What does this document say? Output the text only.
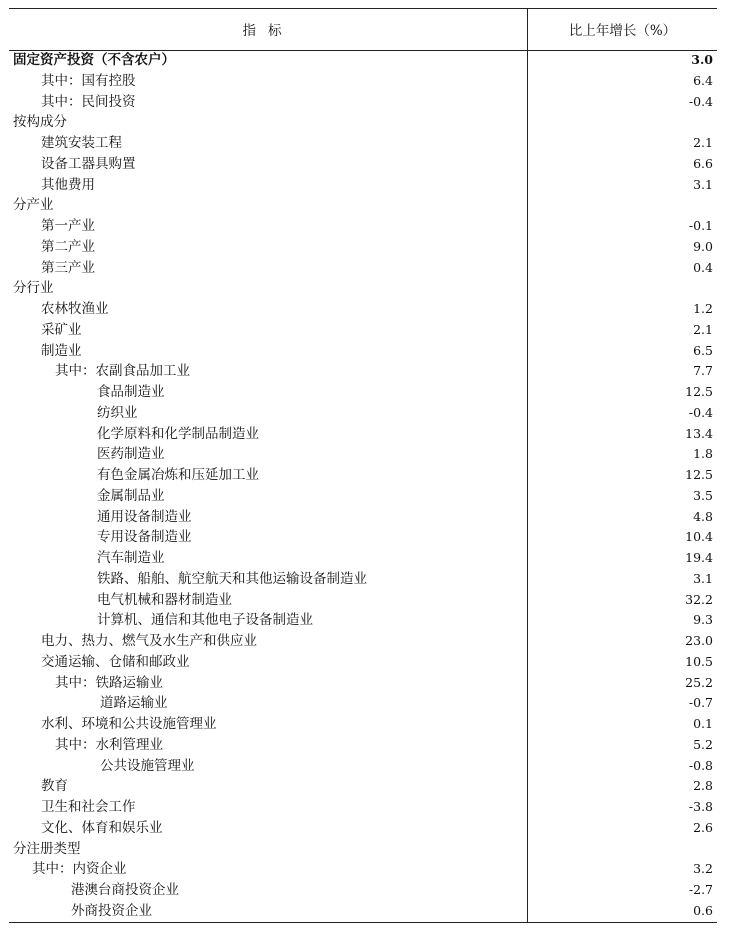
指标	比上年增长（%）
固定资产投资（不含农户）	3.0
其中：国有控股	6.4
其中：民间投资	-0.4
按构成分
建筑安装工程	2.1
设备工器具购置	6.6
其他费用	3.1
分产业
第一产业	-0.1
第二产业	9.0
第三产业	0.4
分行业
农林牧渔业	1.2
采矿业	2.1
制造业	6.5
其中：农副食品加工业	7.7
食品制造业	12.5
纺织业	-0.4
化学原料和化学制品制造业	13.4
医药制造业	1.8
有色金属冶炼和压延加工业	12.5
金属制品业	3.5
通用设备制造业	4.8
专用设备制造业	10.4
汽车制造业	19.4
铁路、船舶、航空航天和其他运输设备制造业	3.1
电气机械和器材制造业	32.2
计算机、通信和其他电子设备制造业	9.3
电力、热力、燃气及水生产和供应业	23.0
交通运输、仓储和邮政业	10.5
其中：铁路运输业	25.2
道路运输业	-0.7
水利、环境和公共设施管理业	0.1
其中：水利管理业	5.2
公共设施管理业	-0.8
教育	2.8
卫生和社会工作	-3.8
文化、体育和娱乐业	2.6
分注册类型
其中：内资企业	3.2
港澳台商投资企业	-2.7
外商投资企业	0.6
